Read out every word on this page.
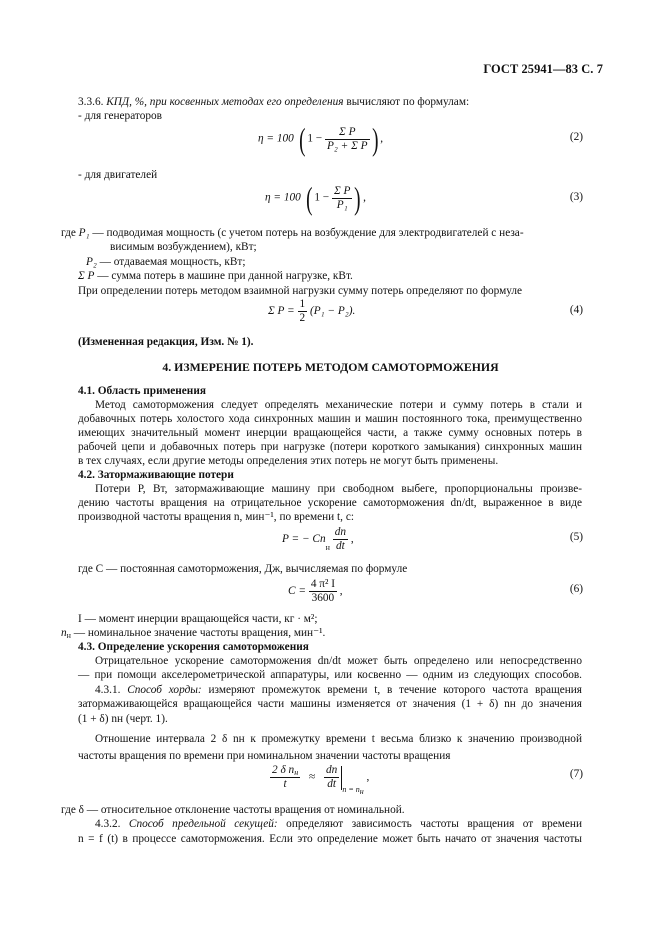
ГОСТ 25941—83 С. 7
3.3.6. КПД, %, при косвенных методах его определения вычисляют по формулам:
- для генераторов
η = 100 ( $1 - \frac{\text{Σ P}}{\text{P₂ + Σ P}}$ ) ,	(2)
- для двигателей
η = 100 ( $1 - \frac{\text{Σ P}}{\text{P₁}}$ ) ,	(3)
где P₁ — подводимая мощность (с учетом потерь на возбуждение для электродвигателей с неза-
висимым возбуждением), кВт;
P₂ — отдаваемая мощность, кВт;
Σ P — сумма потерь в машине при данной нагрузке, кВт.
При определении потерь методом взаимной нагрузки сумму потерь определяют по формуле
Σ $P = \frac{1}{2} (P_1 - P_2)$.	(4)
(Измененная редакция, Изм. № 1).
4. ИЗМЕРЕНИЕ ПОТЕРЬ МЕТОДОМ САМОТОРМОЖЕНИЯ
4.1. Область применения
Метод самоторможения следует определять механические потери и сумму потерь в стали и
добавочных потерь холостого хода синхронных машин и машин постоянного тока, преимущественно
имеющих значительный момент инерции вращающейся части, а также сумму основных потерь в
рабочей цепи и добавочных потерь при нагрузке (потери короткого замыкания) синхронных машин
в тех случаях, если другие методы определения этих потерь не могут быть применены.
4.2. Затормаживающие потери
Потери P, Вт, затормаживающие машину при свободном выбеге, пропорциональны произве-
дению частоты вращения на отрицательное ускорение самоторможения dn/dt, выраженное в виде
производной частоты вращения n, мин⁻¹, по времени t, с:
P = − $Cn_н \frac{dn}{dt}$ ,	(5)
где C — постоянная самоторможения, Дж, вычисляемая по формуле
$C = \frac{\text{4 π² I}}{3600}$ ,	(6)
I — момент инерции вращающейся части, кг · м²;
$n_н$ — номинальное значение частоты вращения, мин⁻¹.
4.3. Определение ускорения самоторможения
Отрицательное ускорение самоторможения dn/dt может быть определено или непосредственно
— при помощи акселерометрической аппаратуры, или косвенно — одним из следующих способов.
4.3.1. Способ хорды: измеряют промежуток времени t, в течение которого частота вращения
затормаживающейся вращающейся части машины изменяется от значения (1 + δ) nн до значения
(1 + δ) nн (черт. 1).
Отношение интервала 2 δ nн к промежутку времени t весьма близко к значению производной
частоты вращения по времени при номинальном значении частоты вращения
$\frac{2 \delta n_н}{t} \approx \frac{dn}{dt} _{n = n_н}$ ,	(7)
где δ — относительное отклонение частоты вращения от номинальной.
4.3.2. Способ предельной секущей: определяют зависимость частоты вращения от времени
n = f (t) в процессе самоторможения. Если это определение может быть начато от значения частоты
